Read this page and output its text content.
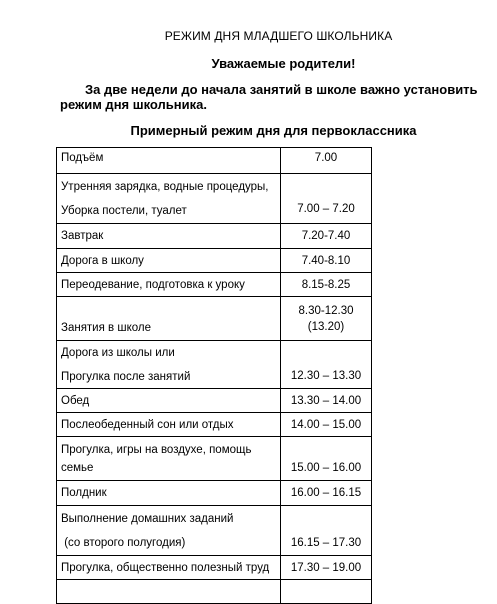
РЕЖИМ ДНЯ МЛАДШЕГО ШКОЛЬНИКА
Уважаемые родители!
За две недели до начала занятий в школе важно установить режим дня школьника.
Примерный режим дня для первоклассника
Подъём	7.00

Утренняя зарядка, водные процедуры,
Уборка постели, туалет	7.00 – 7.20

Завтрак	7.20-7.40

Дорога в школу	7.40-8.10

Переодевание, подготовка к уроку	8.15-8.25

Занятия в школе	8.30-12.30
(13.20)

Дорога из школы или
Прогулка после занятий	12.30 – 13.30

Обед	13.30 – 14.00

Послеобеденный сон или отдых	14.00 – 15.00

Прогулка, игры на воздухе, помощь
семье	15.00 – 16.00

Полдник	16.00 – 16.15

Выполнение домашних заданий
(со второго полугодия)	16.15 – 17.30

Прогулка, общественно полезный труд	17.30 – 19.00
